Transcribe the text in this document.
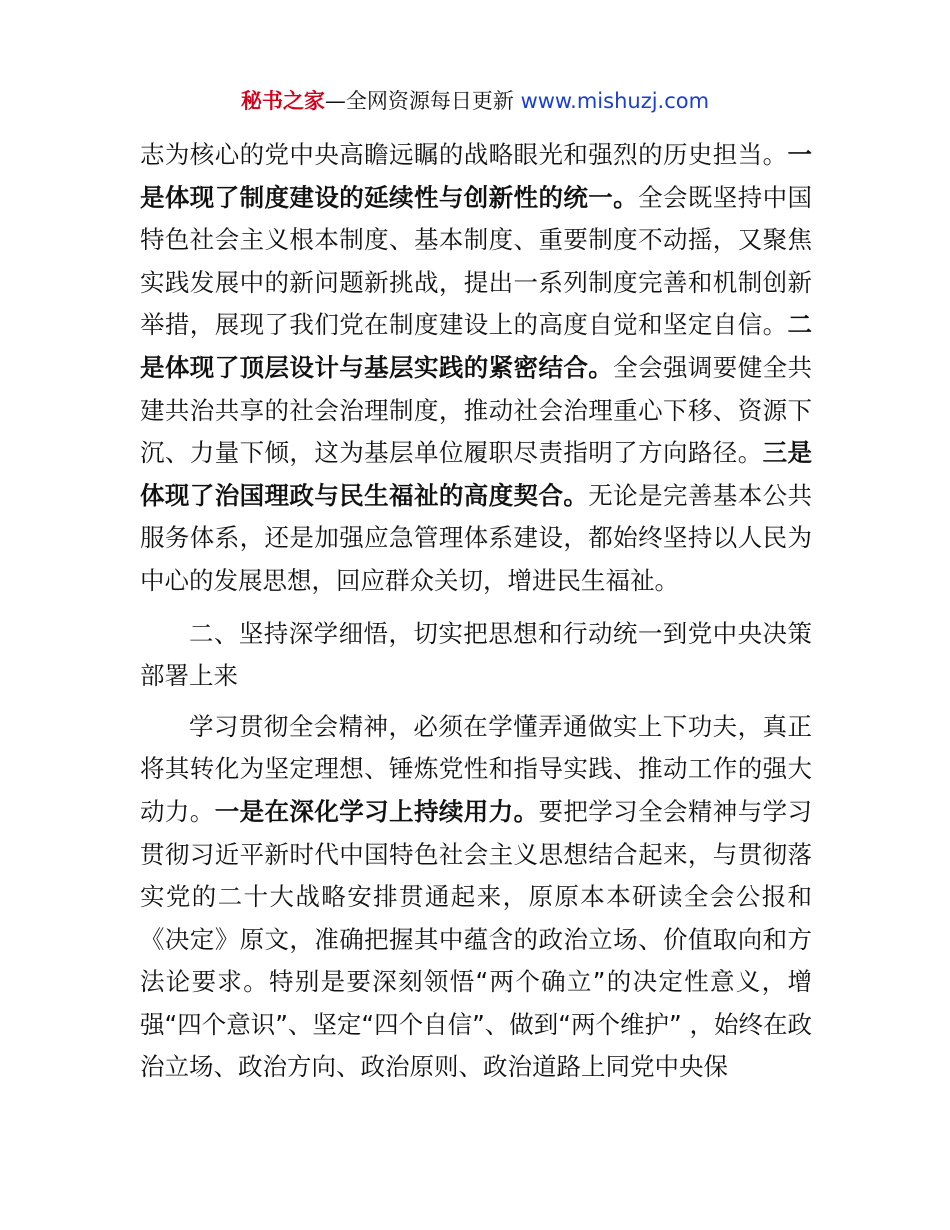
秘书之家—全网资源每日更新 www.mishuzj.com

志为核心的党中央高瞻远瞩的战略眼光和强烈的历史担当。一是体现了制度建设的延续性与创新性的统一。全会既坚持中国特色社会主义根本制度、基本制度、重要制度不动摇，又聚焦实践发展中的新问题新挑战，提出一系列制度完善和机制创新举措，展现了我们党在制度建设上的高度自觉和坚定自信。二是体现了顶层设计与基层实践的紧密结合。全会强调要健全共建共治共享的社会治理制度，推动社会治理重心下移、资源下沉、力量下倾，这为基层单位履职尽责指明了方向路径。三是体现了治国理政与民生福祉的高度契合。无论是完善基本公共服务体系，还是加强应急管理体系建设，都始终坚持以人民为中心的发展思想，回应群众关切，增进民生福祉。

二、坚持深学细悟，切实把思想和行动统一到党中央决策部署上来

学习贯彻全会精神，必须在学懂弄通做实上下功夫，真正将其转化为坚定理想、锤炼党性和指导实践、推动工作的强大动力。一是在深化学习上持续用力。要把学习全会精神与学习贯彻习近平新时代中国特色社会主义思想结合起来，与贯彻落实党的二十大战略安排贯通起来，原原本本研读全会公报和《决定》原文，准确把握其中蕴含的政治立场、价值取向和方法论要求。特别是要深刻领悟“两个确立”的决定性意义，增强“四个意识”、坚定“四个自信”、做到“两个维护” ，始终在政治立场、政治方向、政治原则、政治道路上同党中央保
